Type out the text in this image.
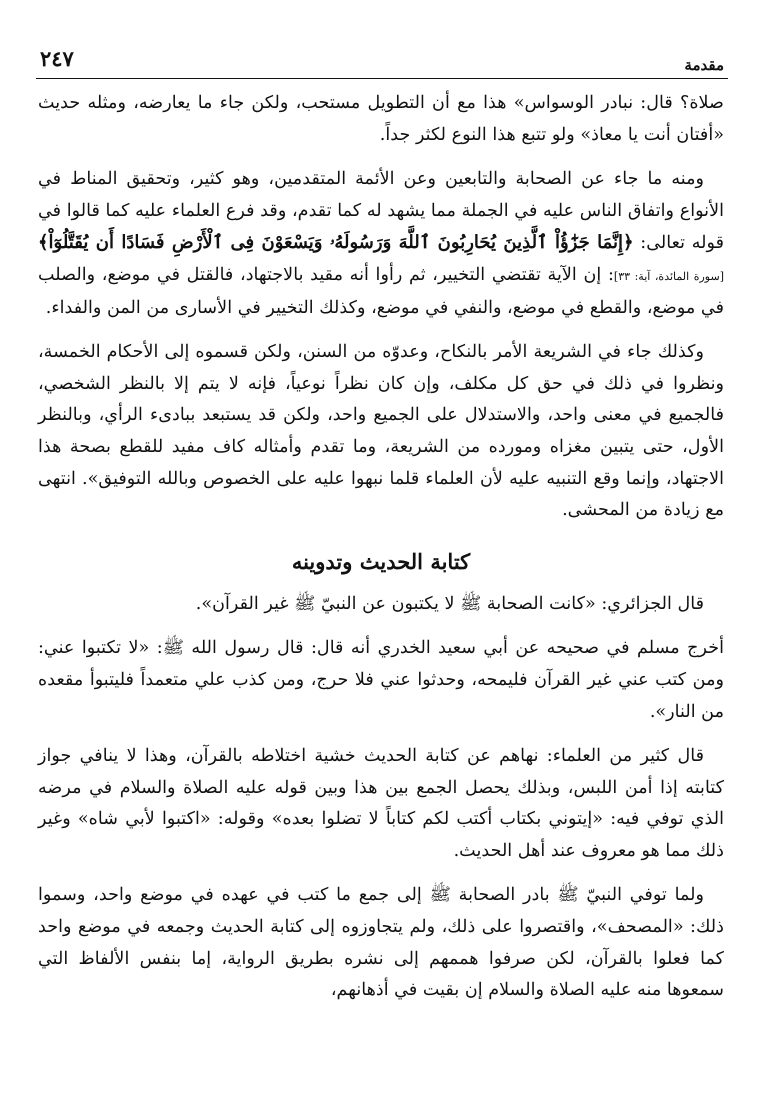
٢٤٧	مقدمة

صلاة؟ قال: نبادر الوسواس» هذا مع أن التطويل مستحب، ولكن جاء ما يعارضه، ومثله حديث «أفتان أنت يا معاذ» ولو تتبع هذا النوع لكثر جداً.

ومنه ما جاء عن الصحابة والتابعين وعن الأئمة المتقدمين، وهو كثير، وتحقيق المناط في الأنواع واتفاق الناس عليه في الجملة مما يشهد له كما تقدم، وقد فرع العلماء عليه كما قالوا في قوله تعالى: ﴿إِنَّمَا جَزَٰٓؤُاْ ٱلَّذِينَ يُحَارِبُونَ ٱللَّهَ وَرَسُولَهُۥ وَيَسْعَوْنَ فِى ٱلْأَرْضِ فَسَادًا أَن يُقَتَّلُوٓاْ﴾ [سورة المائدة، آية: ٣٣]: إن الآية تقتضي التخيير، ثم رأوا أنه مقيد بالاجتهاد، فالقتل في موضع، والصلب في موضع، والقطع في موضع، والنفي في موضع، وكذلك التخيير في الأسارى من المن والفداء.

وكذلك جاء في الشريعة الأمر بالنكاح، وعدوّه من السنن، ولكن قسموه إلى الأحكام الخمسة، ونظروا في ذلك في حق كل مكلف، وإن كان نظراً نوعياً، فإنه لا يتم إلا بالنظر الشخصي، فالجميع في معنى واحد، والاستدلال على الجميع واحد، ولكن قد يستبعد ببادىء الرأي، وبالنظر الأول، حتى يتبين مغزاه ومورده من الشريعة، وما تقدم وأمثاله كاف مفيد للقطع بصحة هذا الاجتهاد، وإنما وقع التنبيه عليه لأن العلماء قلما نبهوا عليه على الخصوص وبالله التوفيق». انتهى مع زيادة من المحشى.

كتابة الحديث وتدوينه

قال الجزائري: «كانت الصحابة ﷺ لا يكتبون عن النبيّ ﷺ غير القرآن».

أخرج مسلم في صحيحه عن أبي سعيد الخدري أنه قال: قال رسول الله ﷺ: «لا تكتبوا عني: ومن كتب عني غير القرآن فليمحه، وحدثوا عني فلا حرج، ومن كذب علي متعمداً فليتبوأ مقعده من النار».

قال كثير من العلماء: نهاهم عن كتابة الحديث خشية اختلاطه بالقرآن، وهذا لا ينافي جواز كتابته إذا أمن اللبس، وبذلك يحصل الجمع بين هذا وبين قوله عليه الصلاة والسلام في مرضه الذي توفي فيه: «إيتوني بكتاب أكتب لكم كتاباً لا تضلوا بعده» وقوله: «اكتبوا لأبي شاه» وغير ذلك مما هو معروف عند أهل الحديث.

ولما توفي النبيّ ﷺ بادر الصحابة ﷺ إلى جمع ما كتب في عهده في موضع واحد، وسموا ذلك: «المصحف»، واقتصروا على ذلك، ولم يتجاوزوه إلى كتابة الحديث وجمعه في موضع واحد كما فعلوا بالقرآن، لكن صرفوا هممهم إلى نشره بطريق الرواية، إما بنفس الألفاظ التي سمعوها منه عليه الصلاة والسلام إن بقيت في أذهانهم،
